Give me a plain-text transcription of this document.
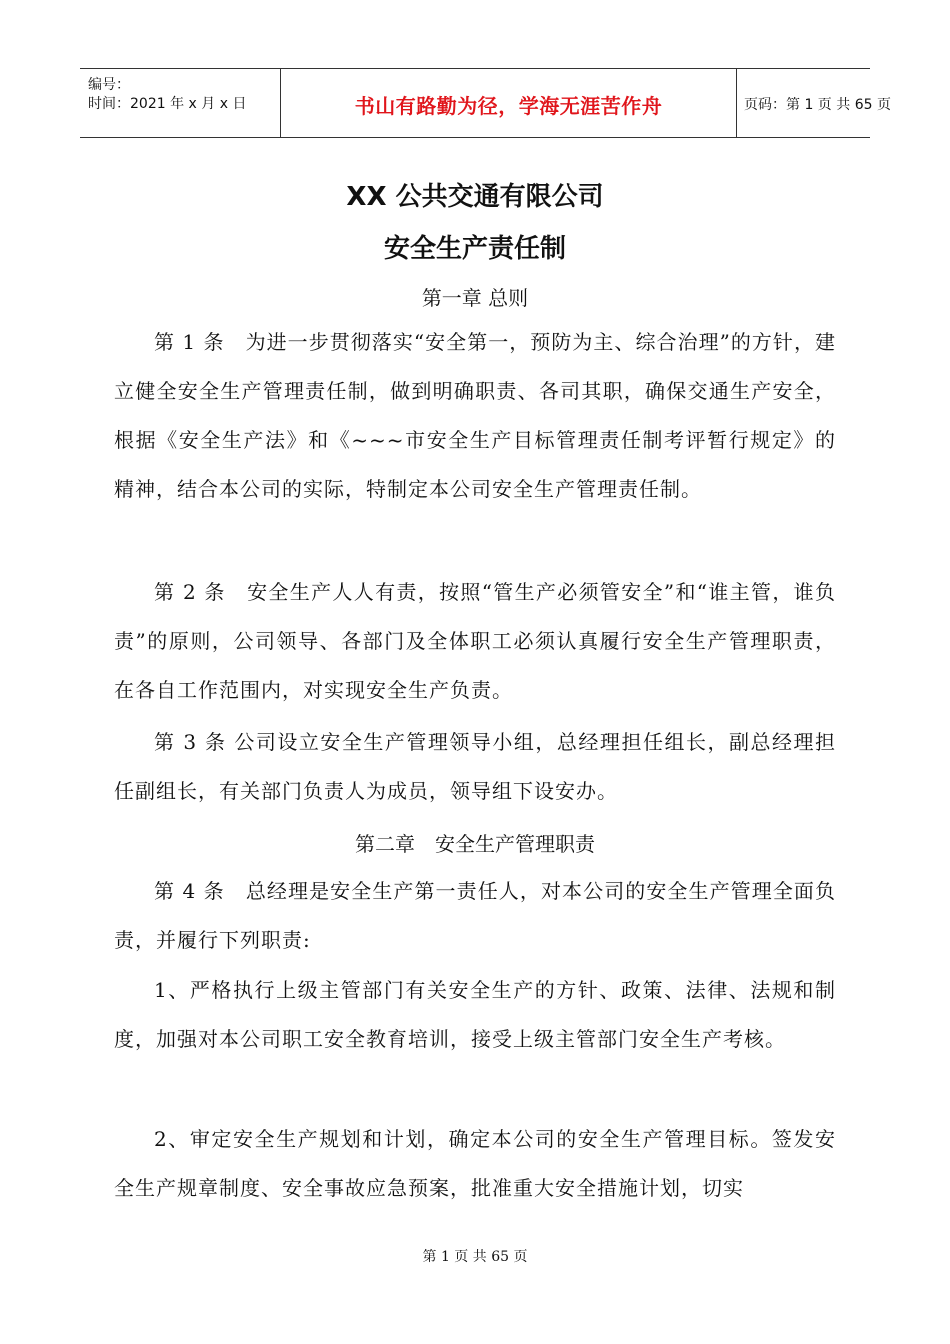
编号：
时间：2021 年 x 月 x 日	书山有路勤为径，学海无涯苦作舟	页码：第 1 页 共 65 页
XX 公共交通有限公司
安全生产责任制
第一章 总则
第 1 条　为进一步贯彻落实“安全第一，预防为主、综合治理”的方针，建立健全安全生产管理责任制，做到明确职责、各司其职，确保交通生产安全，根据《安全生产法》和《~~~市安全生产目标管理责任制考评暂行规定》的精神，结合本公司的实际，特制定本公司安全生产管理责任制。
第 2 条　安全生产人人有责，按照“管生产必须管安全”和“谁主管，谁负责”的原则，公司领导、各部门及全体职工必须认真履行安全生产管理职责，在各自工作范围内，对实现安全生产负责。
第 3 条 公司设立安全生产管理领导小组，总经理担任组长，副总经理担任副组长，有关部门负责人为成员，领导组下设安办。
第二章　安全生产管理职责
第 4 条　总经理是安全生产第一责任人，对本公司的安全生产管理全面负责，并履行下列职责:
1、严格执行上级主管部门有关安全生产的方针、政策、法律、法规和制度，加强对本公司职工安全教育培训，接受上级主管部门安全生产考核。
2、审定安全生产规划和计划，确定本公司的安全生产管理目标。签发安全生产规章制度、安全事故应急预案，批准重大安全措施计划，切实
第 1 页 共 65 页
